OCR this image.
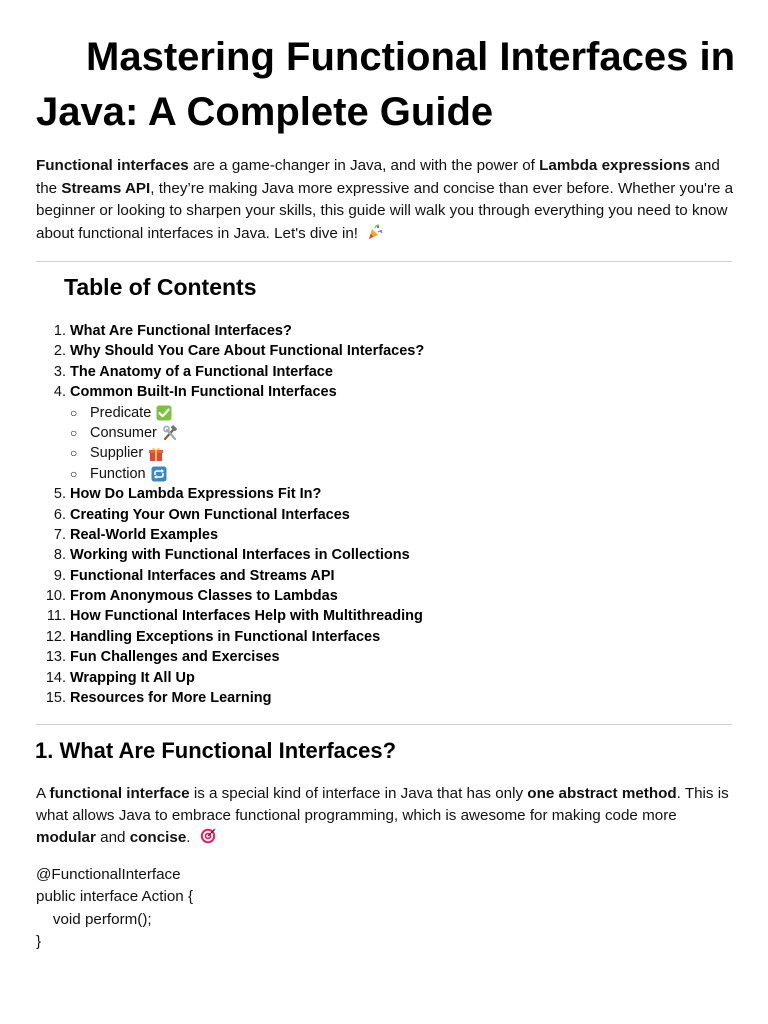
Mastering Functional Interfaces in Java: A Complete Guide

Functional interfaces are a game-changer in Java, and with the power of Lambda expressions and the Streams API, they’re making Java more expressive and concise than ever before. Whether you're a beginner or looking to sharpen your skills, this guide will walk you through everything you need to know about functional interfaces in Java. Let's dive in!

Table of Contents
1. What Are Functional Interfaces?
2. Why Should You Care About Functional Interfaces?
3. The Anatomy of a Functional Interface
4. Common Built-In Functional Interfaces
○ Predicate
○ Consumer
○ Supplier
○ Function
5. How Do Lambda Expressions Fit In?
6. Creating Your Own Functional Interfaces
7. Real-World Examples
8. Working with Functional Interfaces in Collections
9. Functional Interfaces and Streams API
10. From Anonymous Classes to Lambdas
11. How Functional Interfaces Help with Multithreading
12. Handling Exceptions in Functional Interfaces
13. Fun Challenges and Exercises
14. Wrapping It All Up
15. Resources for More Learning
1. What Are Functional Interfaces?

A functional interface is a special kind of interface in Java that has only one abstract method. This is what allows Java to embrace functional programming, which is awesome for making code more modular and concise.

@FunctionalInterface
public interface Action {
void perform();
}
